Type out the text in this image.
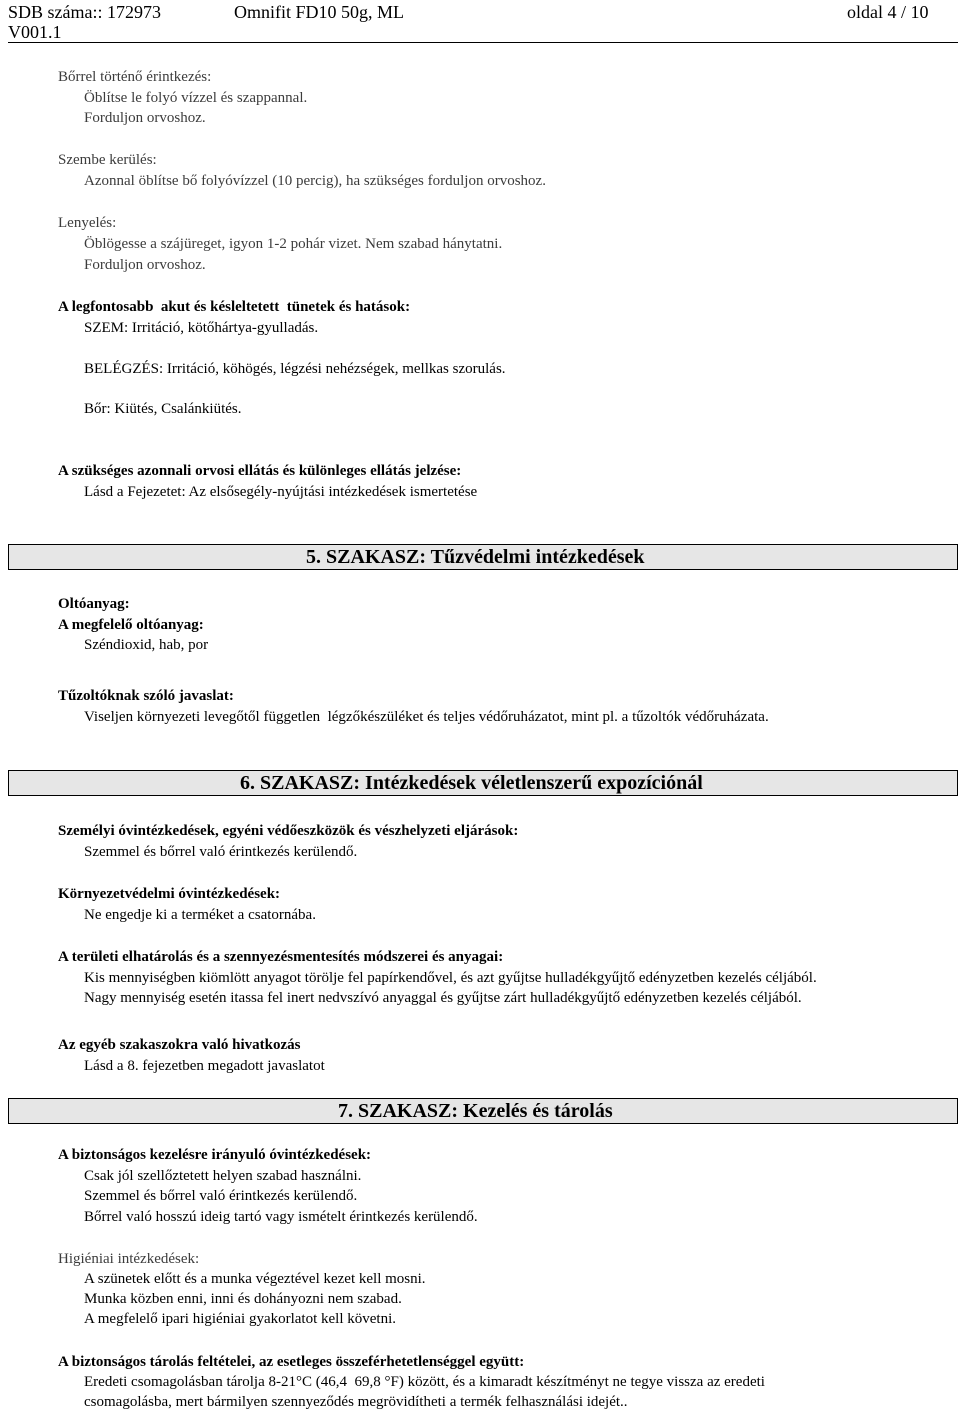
SDB száma:: 172973
V001.1
Omnifit FD10 50g, ML	oldal 4 / 10
Bőrrel történő érintkezés:
Öblítse le folyó vízzel és szappannal.
Forduljon orvoshoz.
Szembe kerülés:
Azonnal öblítse bő folyóvízzel (10 percig), ha szükséges forduljon orvoshoz.
Lenyelés:
Öblögesse a szájüreget, igyon 1-2 pohár vizet. Nem szabad hánytatni.
Forduljon orvoshoz.
A legfontosabb  akut és késleltetett  tünetek és hatások:
SZEM: Irritáció, kötőhártya-gyulladás.
BELÉGZÉS: Irritáció, köhögés, légzési nehézségek, mellkas szorulás.
Bőr: Kiütés, Csalánkiütés.
A szükséges azonnali orvosi ellátás és különleges ellátás jelzése:
Lásd a Fejezetet: Az elsősegély-nyújtási intézkedések ismertetése
5. SZAKASZ: Tűzvédelmi intézkedések
Oltóanyag:
A megfelelő oltóanyag:
Széndioxid, hab, por
Tűzoltóknak szóló javaslat:
Viseljen környezeti levegőtől független  légzőkészüléket és teljes védőruházatot, mint pl. a tűzoltók védőruházata.
6. SZAKASZ: Intézkedések véletlenszerű expozíciónál
Személyi óvintézkedések, egyéni védőeszközök és vészhelyzeti eljárások:
Szemmel és bőrrel való érintkezés kerülendő.
Környezetvédelmi óvintézkedések:
Ne engedje ki a terméket a csatornába.
A területi elhatárolás és a szennyezésmentesítés módszerei és anyagai:
Kis mennyiségben kiömlött anyagot törölje fel papírkendővel, és azt gyűjtse hulladékgyűjtő edényzetben kezelés céljából.
Nagy mennyiség esetén itassa fel inert nedvszívó anyaggal és gyűjtse zárt hulladékgyűjtő edényzetben kezelés céljából.
Az egyéb szakaszokra való hivatkozás
Lásd a 8. fejezetben megadott javaslatot
7. SZAKASZ: Kezelés és tárolás
A biztonságos kezelésre irányuló óvintézkedések:
Csak jól szellőztetett helyen szabad használni.
Szemmel és bőrrel való érintkezés kerülendő.
Bőrrel való hosszú ideig tartó vagy ismételt érintkezés kerülendő.
Higiéniai intézkedések:
A szünetek előtt és a munka végeztével kezet kell mosni.
Munka közben enni, inni és dohányozni nem szabad.
A megfelelő ipari higiéniai gyakorlatot kell követni.
A biztonságos tárolás feltételei, az esetleges összeférhetetlenséggel együtt:
Eredeti csomagolásban tárolja 8-21°C (46,4  69,8 °F) között, és a kimaradt készítményt ne tegye vissza az eredeti
csomagolásba, mert bármilyen szennyeződés megrövidítheti a termék felhasználási idejét..
